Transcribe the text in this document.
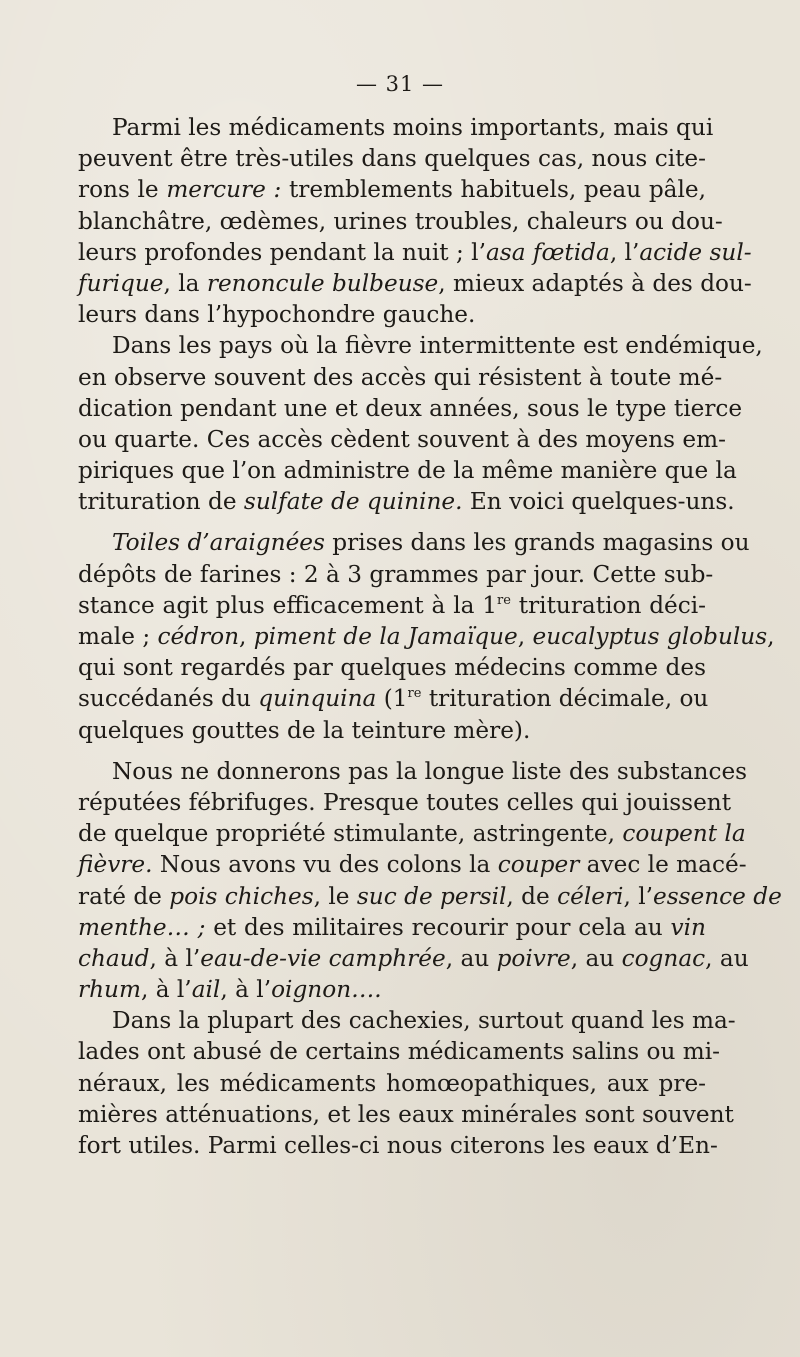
— 31 —
Parmi les médicaments moins importants, mais qui
peuvent être très-utiles dans quelques cas, nous cite-
rons le mercure : tremblements habituels, peau pâle,
blanchâtre, œdèmes, urines troubles, chaleurs ou dou-
leurs profondes pendant la nuit ; l’asa fœtida, l’acide sul-
furique, la renoncule bulbeuse, mieux adaptés à des dou-
leurs dans l’hypochondre gauche.
Dans les pays où la fièvre intermittente est endémique,
en observe souvent des accès qui résistent à toute mé-
dication pendant une et deux années, sous le type tierce
ou quarte. Ces accès cèdent souvent à des moyens em-
piriques que l’on administre de la même manière que la
trituration de sulfate de quinine. En voici quelques-uns.
Toiles d’araignées prises dans les grands magasins ou
dépôts de farines : 2 à 3 grammes par jour. Cette sub-
stance agit plus efficacement à la 1re trituration déci-
male ; cédron, piment de la Jamaïque, eucalyptus globulus,
qui sont regardés par quelques médecins comme des
succédanés du quinquina (1re trituration décimale, ou
quelques gouttes de la teinture mère).
Nous ne donnerons pas la longue liste des substances
réputées fébrifuges. Presque toutes celles qui jouissent
de quelque propriété stimulante, astringente, coupent la
fièvre. Nous avons vu des colons la couper avec le macé-
raté de pois chiches, le suc de persil, de céleri, l’essence de
menthe… ; et des militaires recourir pour cela au vin
chaud, à l’eau-de-vie camphrée, au poivre, au cognac, au
rhum, à l’ail, à l’oignon….
Dans la plupart des cachexies, surtout quand les ma-
lades ont abusé de certains médicaments salins ou mi-
néraux, les médicaments homœopathiques, aux pre-
mières atténuations, et les eaux minérales sont souvent
fort utiles. Parmi celles-ci nous citerons les eaux d’En-
